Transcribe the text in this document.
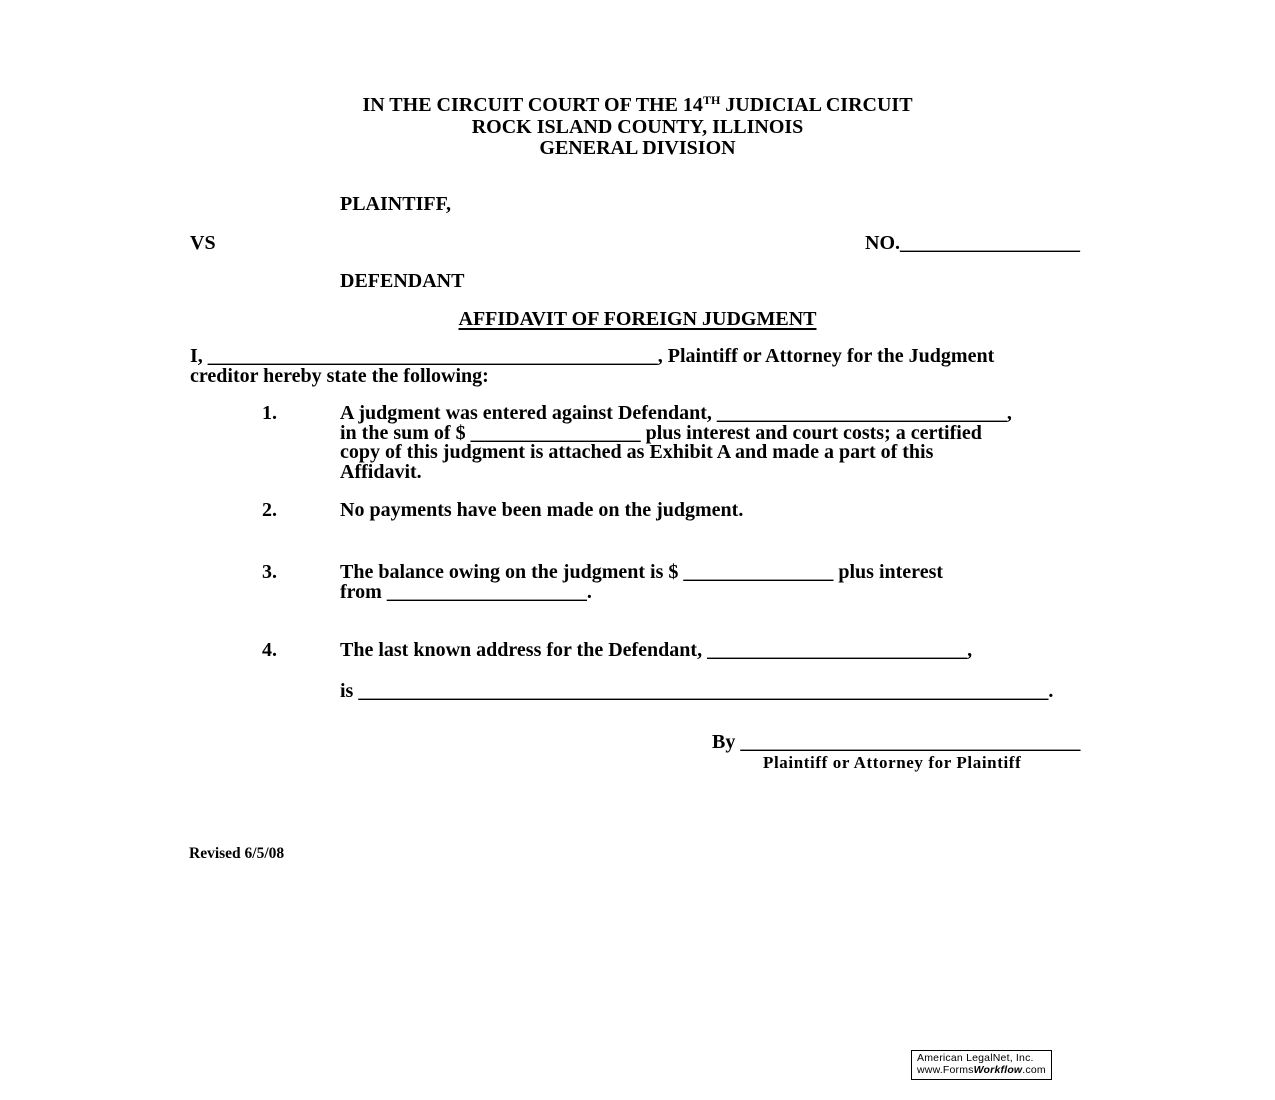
IN THE CIRCUIT COURT OF THE 14TH JUDICIAL CIRCUIT
ROCK ISLAND COUNTY, ILLINOIS
GENERAL DIVISION
PLAINTIFF,
VS	NO.__________________
DEFENDANT
AFFIDAVIT OF FOREIGN JUDGMENT
I, _____________________________________________, Plaintiff or Attorney for the Judgment
creditor hereby state the following:
1.	A judgment was entered against Defendant, _____________________________,
in the sum of $ _________________ plus interest and court costs; a certified
copy of this judgment is attached as Exhibit A and made a part of this
Affidavit.
2.	No payments have been made on the judgment.
3.	The balance owing on the judgment is $ _______________ plus interest
from ____________________.
4.	The last known address for the Defendant, __________________________,
is _____________________________________________________________________.
By __________________________________
Plaintiff or Attorney for Plaintiff
Revised 6/5/08
American LegalNet, Inc.
www.FormsWorkflow.com
